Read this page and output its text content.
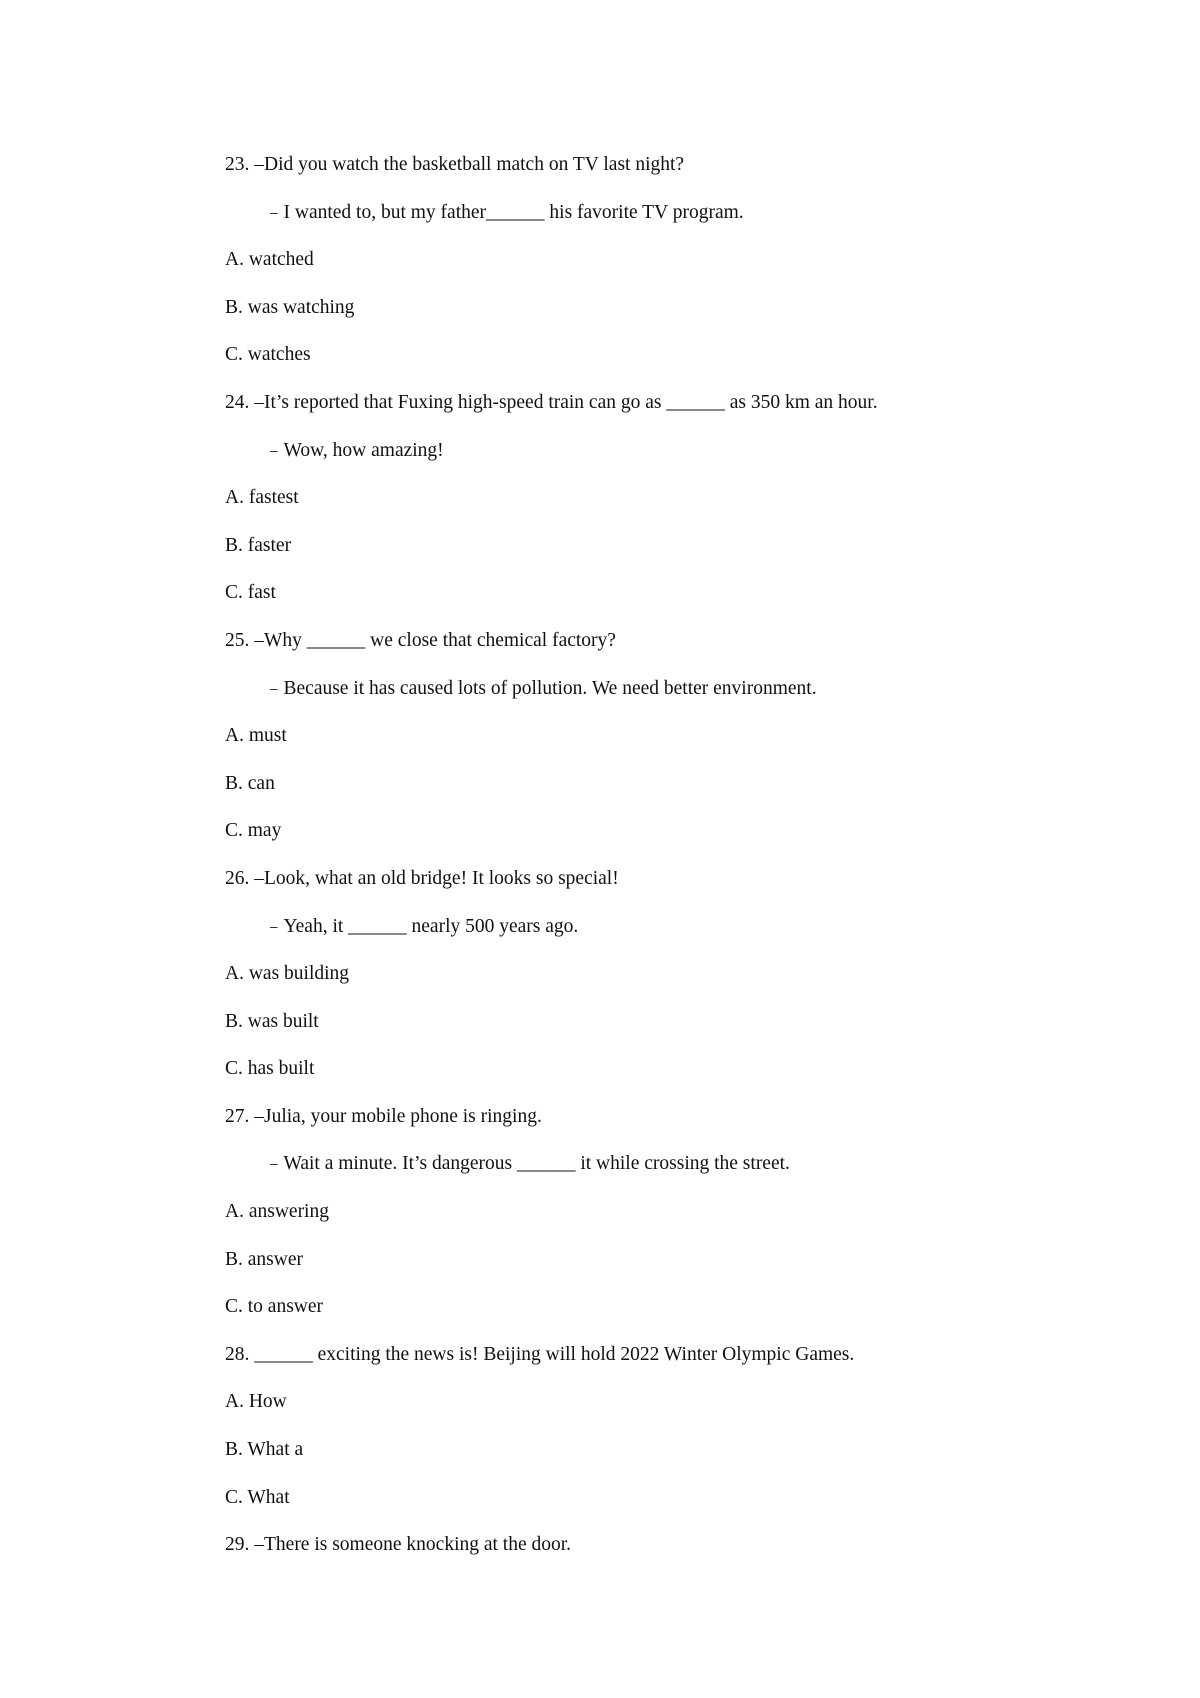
23. –Did you watch the basketball match on TV last night?
﹣I wanted to, but my father______ his favorite TV program.
A. watched
B. was watching
C. watches
24. –It’s reported that Fuxing high-speed train can go as ______ as 350 km an hour.
﹣Wow, how amazing!
A. fastest
B. faster
C. fast
25. –Why ______ we close that chemical factory?
﹣Because it has caused lots of pollution. We need better environment.
A. must
B. can
C. may
26. –Look, what an old bridge! It looks so special!
﹣Yeah, it ______ nearly 500 years ago.
A. was building
B. was built
C. has built
27. –Julia, your mobile phone is ringing.
﹣Wait a minute. It’s dangerous ______ it while crossing the street.
A. answering
B. answer
C. to answer
28. ______ exciting the news is! Beijing will hold 2022 Winter Olympic Games.
A. How
B. What a
C. What
29. –There is someone knocking at the door.
